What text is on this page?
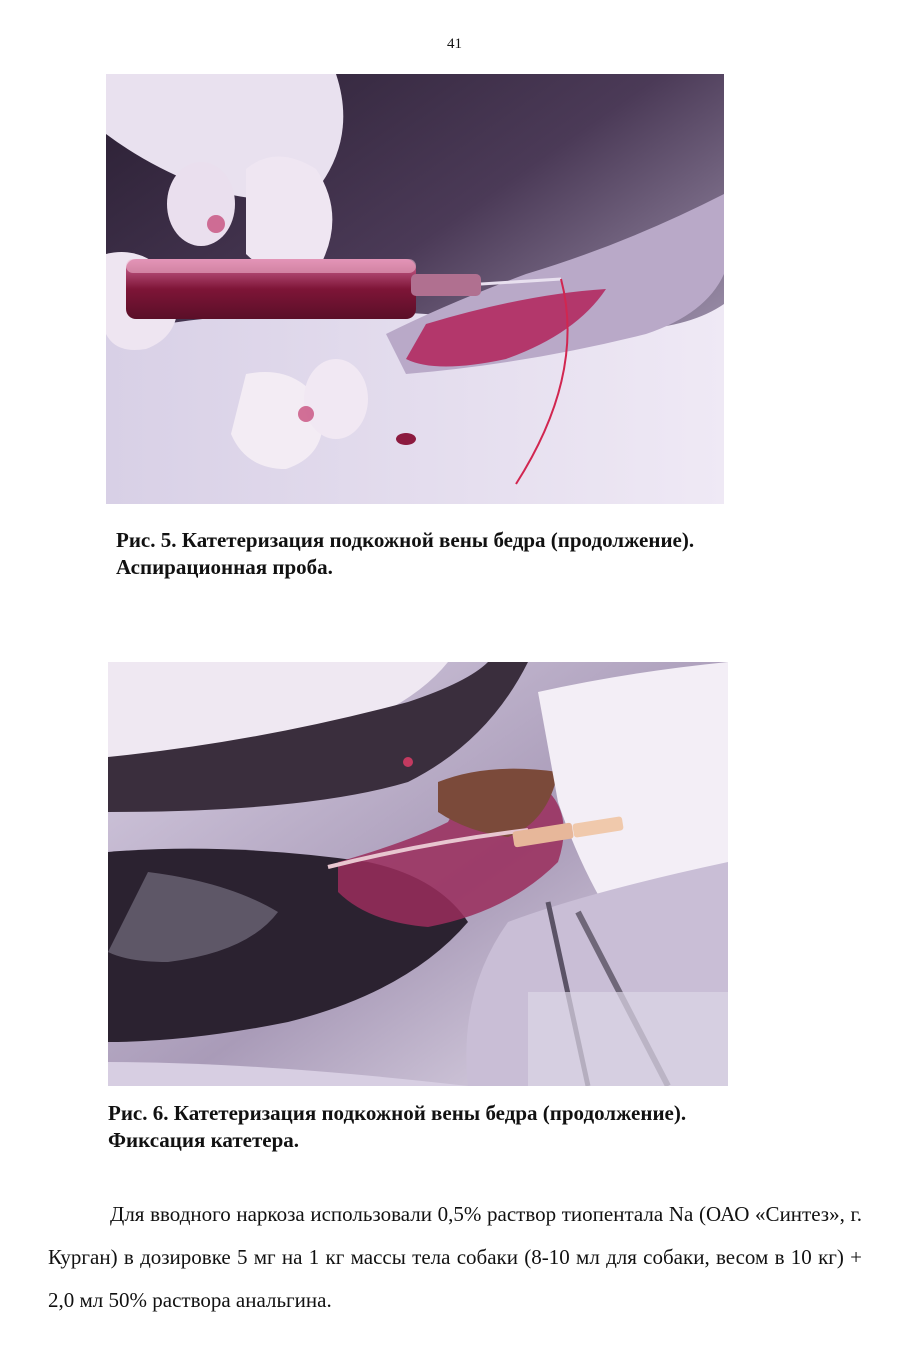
41
Рис. 5. Катетеризация подкожной вены бедра (продолжение).
Аспирационная проба.
Рис. 6. Катетеризация подкожной вены бедра (продолжение).
Фиксация катетера.

Для вводного наркоза использовали 0,5% раствор тиопентала Na (ОАО «Синтез», г. Курган) в дозировке 5 мг на 1 кг массы тела собаки (8-10 мл для собаки, весом в 10 кг) + 2,0 мл 50% раствора анальгина.
